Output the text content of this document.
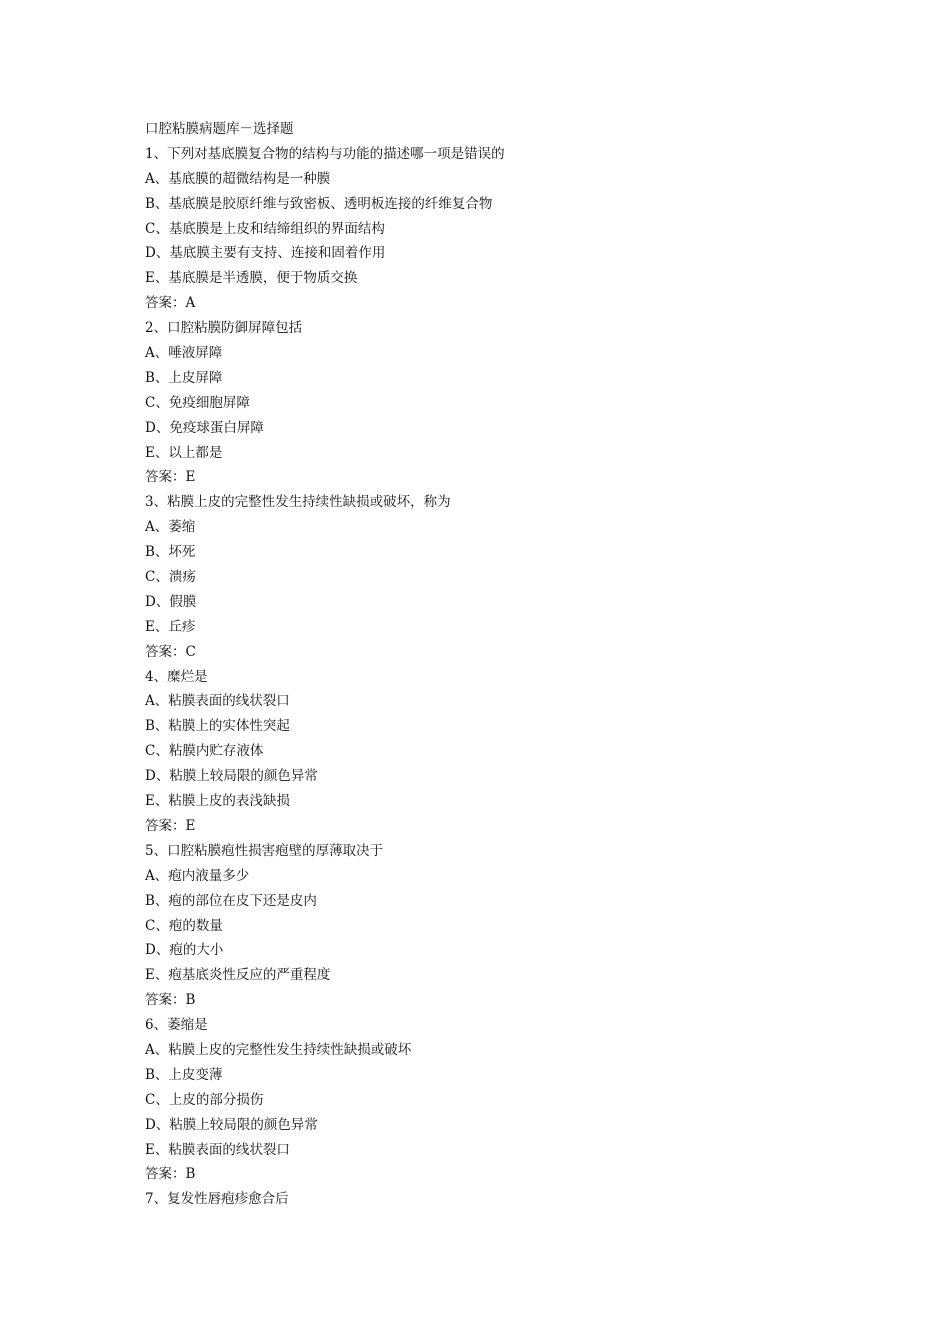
口腔粘膜病题库－选择题
1、下列对基底膜复合物的结构与功能的描述哪一项是错误的
A、基底膜的超微结构是一种膜
B、基底膜是胶原纤维与致密板、透明板连接的纤维复合物
C、基底膜是上皮和结缔组织的界面结构
D、基底膜主要有支持、连接和固着作用
E、基底膜是半透膜，便于物质交换
答案：A
2、口腔粘膜防御屏障包括
A、唾液屏障
B、上皮屏障
C、免疫细胞屏障
D、免疫球蛋白屏障
E、以上都是
答案：E
3、粘膜上皮的完整性发生持续性缺损或破坏，称为
A、萎缩
B、坏死
C、溃疡
D、假膜
E、丘疹
答案：C
4、糜烂是
A、粘膜表面的线状裂口
B、粘膜上的实体性突起
C、粘膜内贮存液体
D、粘膜上较局限的颜色异常
E、粘膜上皮的表浅缺损
答案：E
5、口腔粘膜疱性损害疱壁的厚薄取决于
A、疱内液量多少
B、疱的部位在皮下还是皮内
C、疱的数量
D、疱的大小
E、疱基底炎性反应的严重程度
答案：B
6、萎缩是
A、粘膜上皮的完整性发生持续性缺损或破坏
B、上皮变薄
C、上皮的部分损伤
D、粘膜上较局限的颜色异常
E、粘膜表面的线状裂口
答案：B
7、复发性唇疱疹愈合后
